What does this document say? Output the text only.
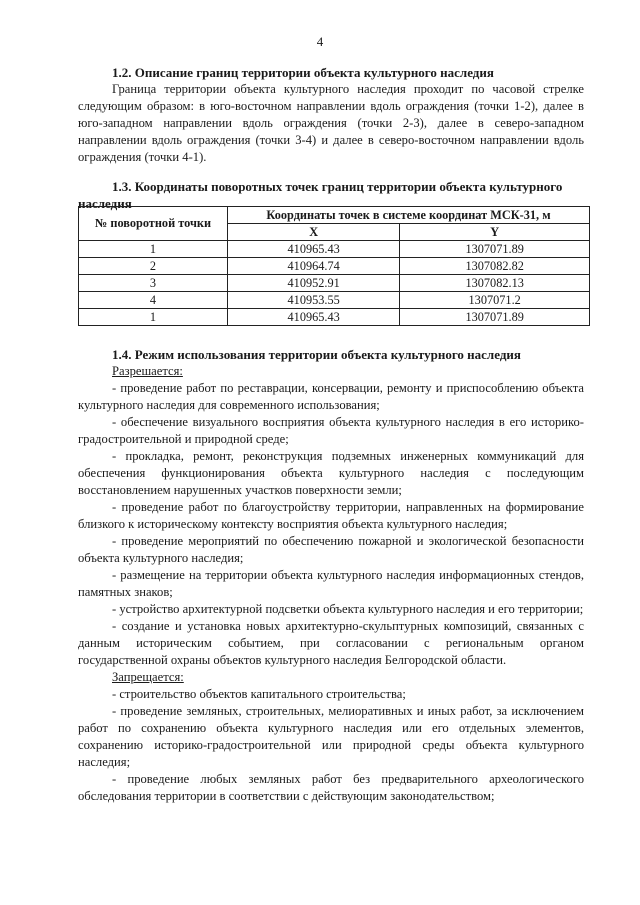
4

1.2. Описание границ территории объекта культурного наследия

Граница территории объекта культурного наследия проходит по часовой стрелке следующим образом: в юго-восточном направлении вдоль ограждения (точки 1-2), далее в юго-западном направлении вдоль ограждения (точки 2-3), далее в северо-западном направлении вдоль ограждения (точки 3-4) и далее в северо-восточном направлении вдоль ограждения (точки 4-1).

1.3. Координаты поворотных точек границ территории объекта культурного наследия

№ поворотной точки	Координаты точек в системе координат МСК-31, м	
	X	Y
1	410965.43	1307071.89
2	410964.74	1307082.82
3	410952.91	1307082.13
4	410953.55	1307071.2
1	410965.43	1307071.89

1.4. Режим использования территории объекта культурного наследия

Разрешается:

- проведение работ по реставрации, консервации, ремонту и приспособлению объекта культурного наследия для современного использования;

- обеспечение визуального восприятия объекта культурного наследия в его историко-градостроительной и природной среде;

- прокладка, ремонт, реконструкция подземных инженерных коммуникаций для обеспечения функционирования объекта культурного наследия с последующим восстановлением нарушенных участков поверхности земли;

- проведение работ по благоустройству территории, направленных на формирование близкого к историческому контексту восприятия объекта культурного наследия;

- проведение мероприятий по обеспечению пожарной и экологической безопасности объекта культурного наследия;

- размещение на территории объекта культурного наследия информационных стендов, памятных знаков;

- устройство архитектурной подсветки объекта культурного наследия и его территории;

- создание и установка новых архитектурно-скульптурных композиций, связанных с данным историческим событием, при согласовании с региональным органом государственной охраны объектов культурного наследия Белгородской области.

Запрещается:

- строительство объектов капитального строительства;

- проведение земляных, строительных, мелиоративных и иных работ, за исключением работ по сохранению объекта культурного наследия или его отдельных элементов, сохранению историко-градостроительной или природной среды объекта культурного наследия;

- проведение любых земляных работ без предварительного археологического обследования территории в соответствии с действующим законодательством;
